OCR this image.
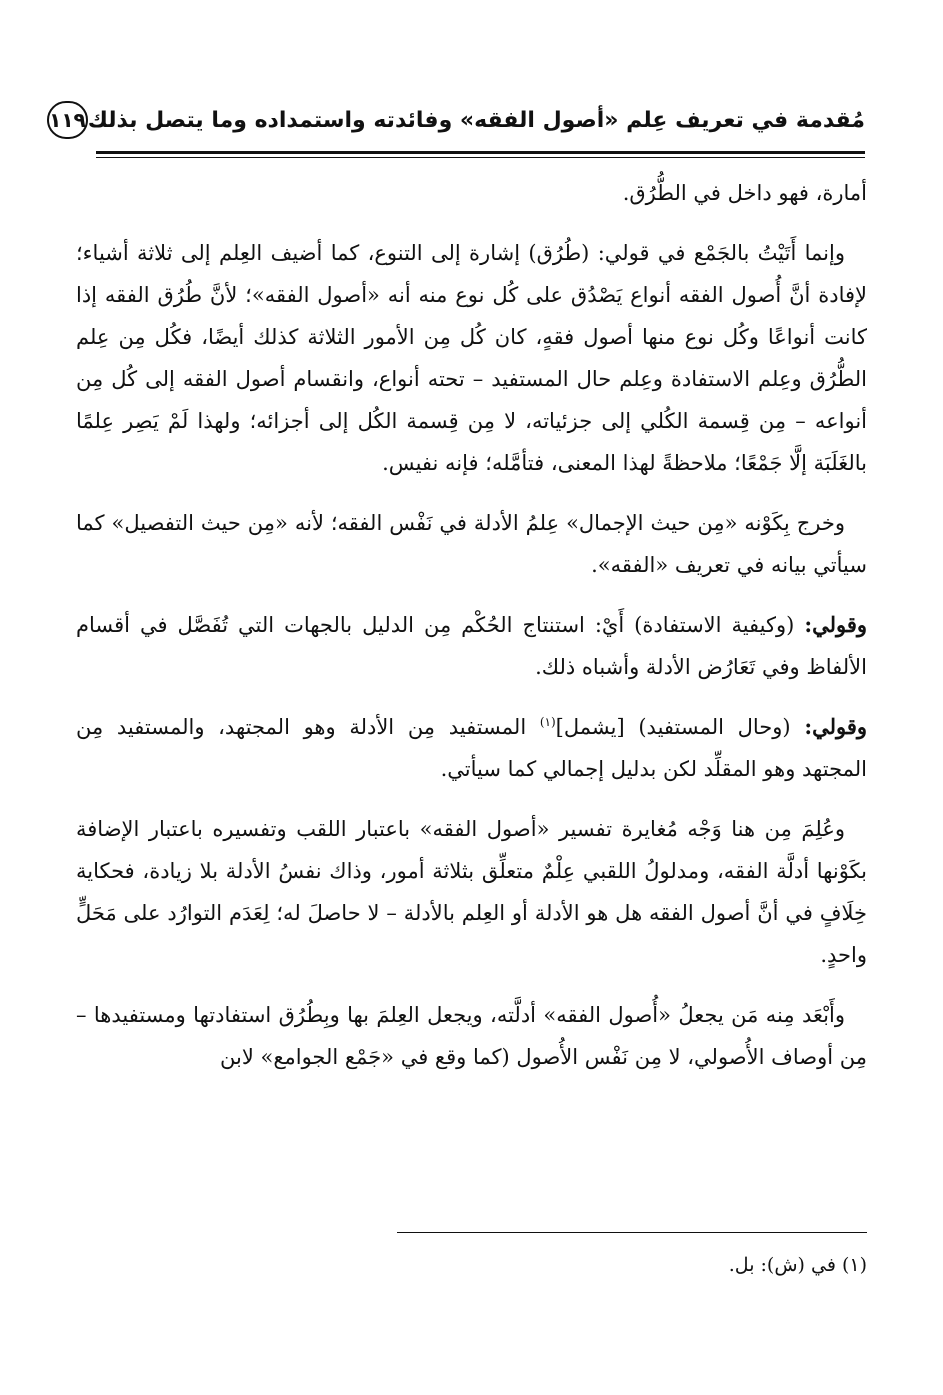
مُقدمة في تعريف عِلم «أصول الفقه» وفائدته واستمداده وما يتصل بذلك
١١٩

أمارة، فهو داخل في الطُّرُق.

وإنما أَتَيْتُ بالجَمْع في قولي: (طُرُق) إشارة إلى التنوع، كما أضيف العِلم إلى ثلاثة أشياء؛ لإفادة أنَّ أُصول الفقه أنواع يَصْدُق على كُل نوع منه أنه «أصول الفقه»؛ لأنَّ طُرُق الفقه إذا كانت أنواعًا وكُل نوع منها أصول فقهٍ، كان كُل مِن الأمور الثلاثة كذلك أيضًا، فكُل مِن عِلم الطُّرُق وعِلم الاستفادة وعِلم حال المستفيد – تحته أنواع، وانقسام أصول الفقه إلى كُل مِن أنواعه – مِن قِسمة الكُلي إلى جزئياته، لا مِن قِسمة الكُل إلى أجزائه؛ ولهذا لَمْ يَصِر عِلمًا بالغَلَبَة إلَّا جَمْعًا؛ ملاحظةً لهذا المعنى، فتأمَّله؛ فإنه نفيس.

وخرج بِكَوْنه «مِن حيث الإجمال» عِلمُ الأدلة في نَفْس الفقه؛ لأنه «مِن حيث التفصيل» كما سيأتي بيانه في تعريف «الفقه».

وقولي: (وكيفية الاستفادة) أَيْ: استنتاج الحُكْم مِن الدليل بالجهات التي تُفَصَّل في أقسام الألفاظ وفي تَعَارُض الأدلة وأشباه ذلك.

وقولي: (وحال المستفيد) [يشمل]$^{(١)}$ المستفيد مِن الأدلة وهو المجتهد، والمستفيد مِن المجتهد وهو المقلِّد لكن بدليل إجمالي كما سيأتي.

وعُلِمَ مِن هنا وَجْه مُغايرة تفسير «أصول الفقه» باعتبار اللقب وتفسيره باعتبار الإضافة بكَوْنها أدلَّة الفقه، ومدلولُ اللقبي عِلْمٌ متعلِّق بثلاثة أمور، وذاك نفسُ الأدلة بلا زيادة، فحكاية خِلَافٍ في أنَّ أصول الفقه هل هو الأدلة أو العِلم بالأدلة – لا حاصلَ له؛ لِعَدَم التوارُد على مَحَلٍّ واحدٍ.

وأَبْعَد مِنه مَن يجعلُ «أُصول الفقه» أدلَّته، ويجعل العِلمَ بها وبِطُرُق استفادتها ومستفيدها – مِن أوصاف الأُصولي، لا مِن نَفْس الأُصول (كما وقع في «جَمْع الجوامع» لابن

(١) في (ش): بل.
